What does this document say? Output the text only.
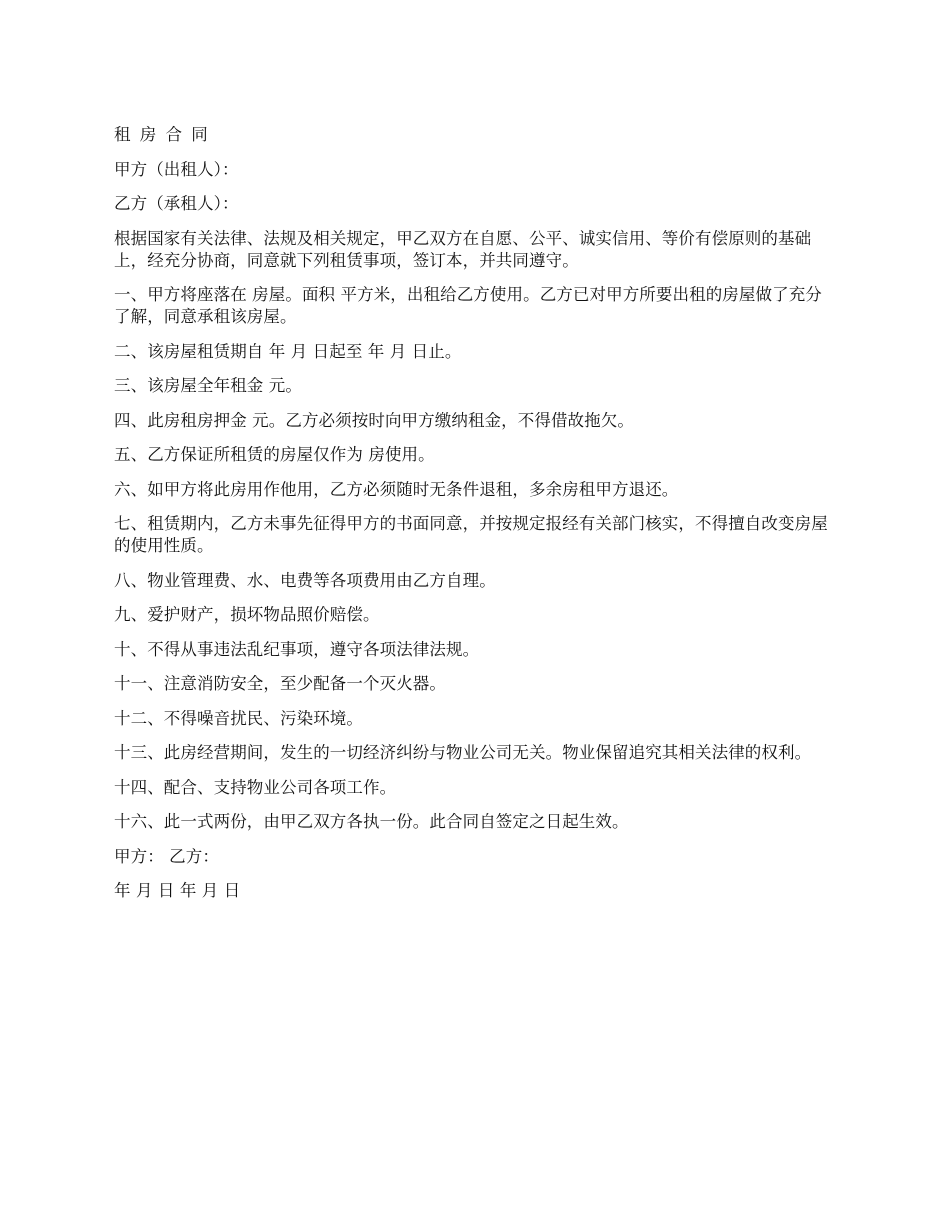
租 房 合 同

甲方（出租人）：

乙方（承租人）：

根据国家有关法律、法规及相关规定，甲乙双方在自愿、公平、诚实信用、等价有偿原则的基础上，经充分协商，同意就下列租赁事项，签订本，并共同遵守。

一、甲方将座落在 房屋。面积 平方米，出租给乙方使用。乙方已对甲方所要出租的房屋做了充分了解，同意承租该房屋。

二、该房屋租赁期自 年 月 日起至 年 月 日止。

三、该房屋全年租金 元。

四、此房租房押金 元。乙方必须按时向甲方缴纳租金，不得借故拖欠。

五、乙方保证所租赁的房屋仅作为 房使用。

六、如甲方将此房用作他用，乙方必须随时无条件退租，多余房租甲方退还。

七、租赁期内，乙方未事先征得甲方的书面同意，并按规定报经有关部门核实，不得擅自改变房屋的使用性质。

八、物业管理费、水、电费等各项费用由乙方自理。

九、爱护财产，损坏物品照价赔偿。

十、不得从事违法乱纪事项，遵守各项法律法规。

十一、注意消防安全，至少配备一个灭火器。

十二、不得噪音扰民、污染环境。

十三、此房经营期间，发生的一切经济纠纷与物业公司无关。物业保留追究其相关法律的权利。

十四、配合、支持物业公司各项工作。

十六、此一式两份，由甲乙双方各执一份。此合同自签定之日起生效。

甲方： 乙方：

年 月 日 年 月 日
